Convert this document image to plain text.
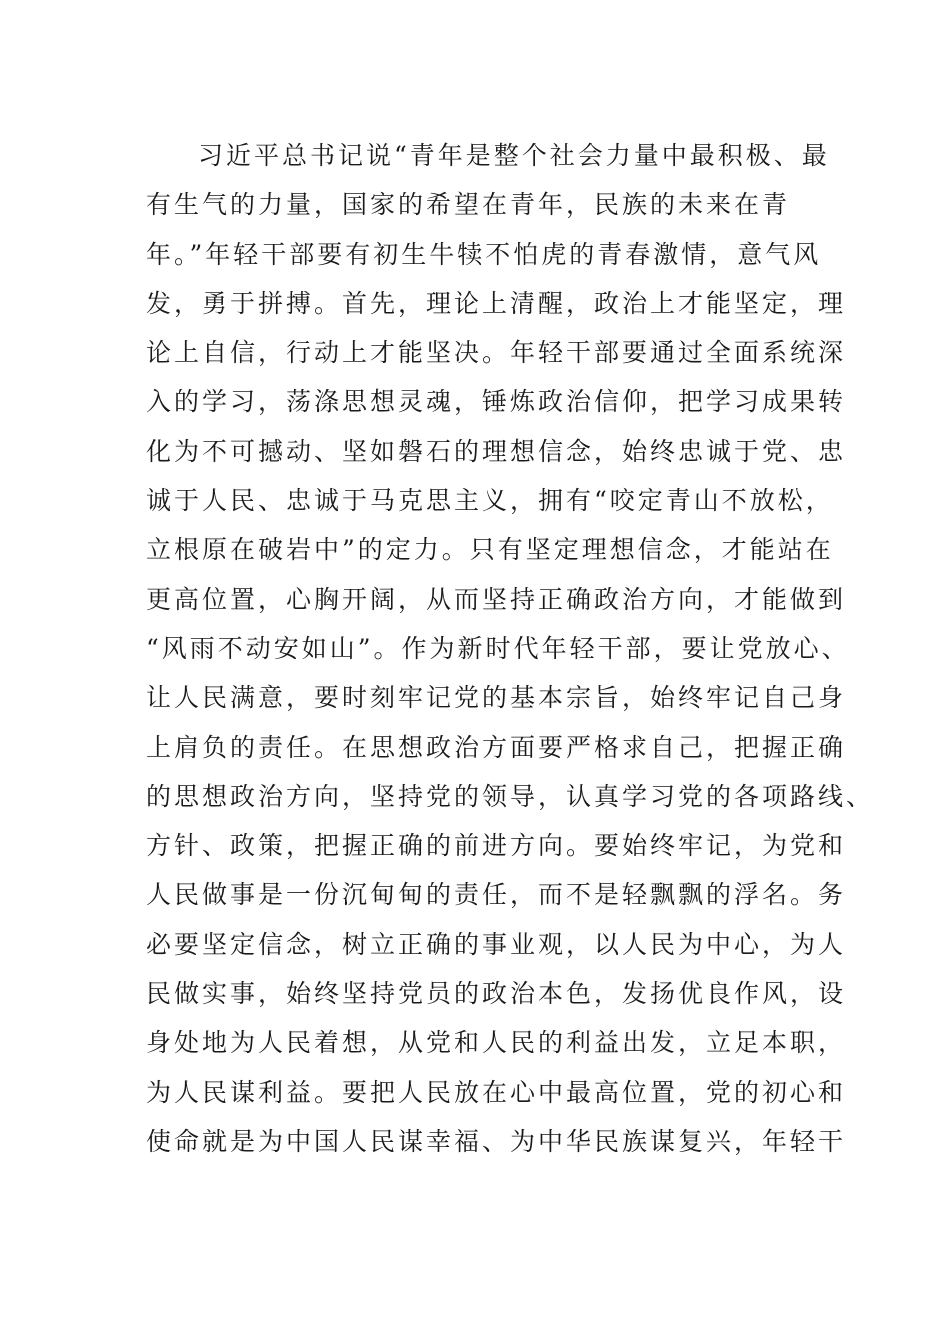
习近平总书记说“青年是整个社会力量中最积极、最
有生气的力量，国家的希望在青年，民族的未来在青
年。”年轻干部要有初生牛犊不怕虎的青春激情，意气风
发，勇于拼搏。首先，理论上清醒，政治上才能坚定，理
论上自信，行动上才能坚决。年轻干部要通过全面系统深
入的学习，荡涤思想灵魂，锤炼政治信仰，把学习成果转
化为不可撼动、坚如磐石的理想信念，始终忠诚于党、忠
诚于人民、忠诚于马克思主义，拥有“咬定青山不放松，
立根原在破岩中”的定力。只有坚定理想信念，才能站在
更高位置，心胸开阔，从而坚持正确政治方向，才能做到
“风雨不动安如山”。作为新时代年轻干部，要让党放心、
让人民满意，要时刻牢记党的基本宗旨，始终牢记自己身
上肩负的责任。在思想政治方面要严格求自己，把握正确
的思想政治方向，坚持党的领导，认真学习党的各项路线、
方针、政策，把握正确的前进方向。要始终牢记，为党和
人民做事是一份沉甸甸的责任，而不是轻飘飘的浮名。务
必要坚定信念，树立正确的事业观，以人民为中心，为人
民做实事，始终坚持党员的政治本色，发扬优良作风，设
身处地为人民着想，从党和人民的利益出发，立足本职，
为人民谋利益。要把人民放在心中最高位置，党的初心和
使命就是为中国人民谋幸福、为中华民族谋复兴，年轻干
